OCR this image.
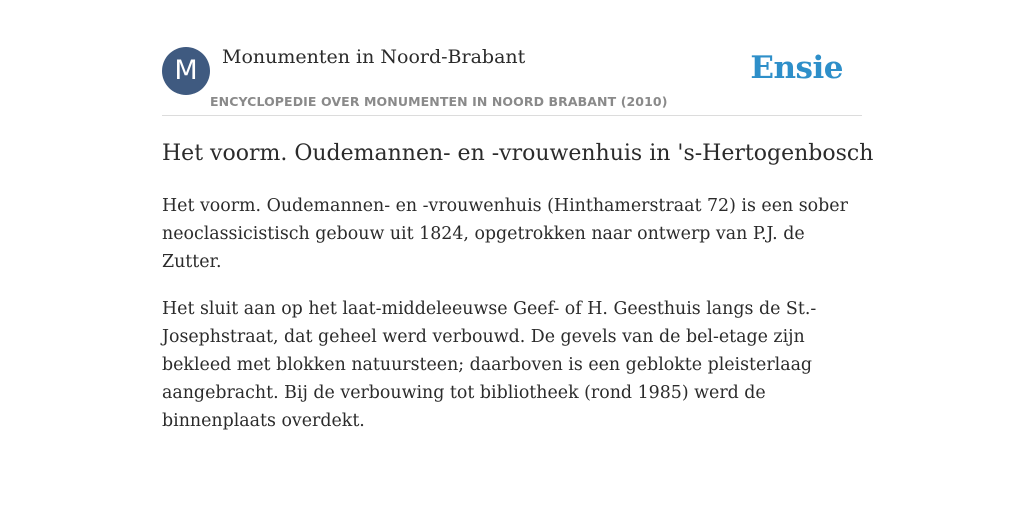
M	Monumenten in Noord-Brabant
ENCYCLOPEDIE OVER MONUMENTEN IN NOORD BRABANT (2010)
Ensie
Het voorm. Oudemannen- en -vrouwenhuis in 's-Hertogenbosch

Het voorm. Oudemannen- en -vrouwenhuis (Hinthamerstraat 72) is een sober neoclassicistisch gebouw uit 1824, opgetrokken naar ontwerp van P.J. de Zutter.

Het sluit aan op het laat-middeleeuwse Geef- of H. Geesthuis langs de St.-Josephstraat, dat geheel werd verbouwd. De gevels van de bel-etage zijn bekleed met blokken natuursteen; daarboven is een geblokte pleisterlaag aangebracht. Bij de verbouwing tot bibliotheek (rond 1985) werd de binnenplaats overdekt.
